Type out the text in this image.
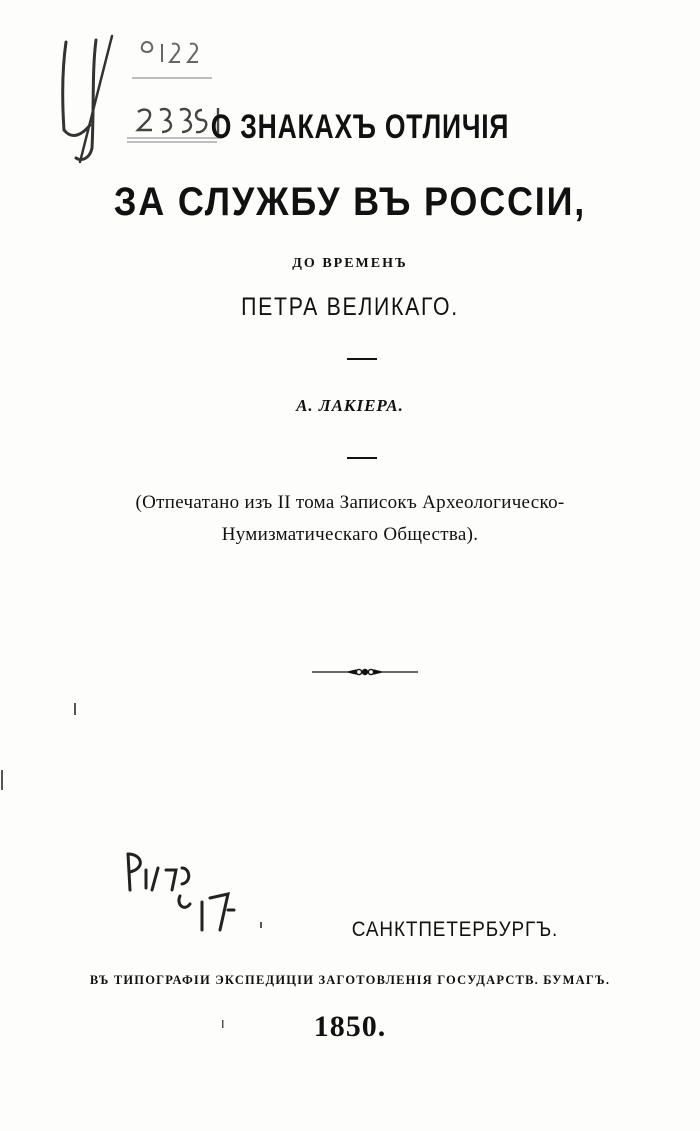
О ЗНАКАХЪ ОТЛИЧІЯ
ЗА СЛУЖБУ ВЪ РОССІИ,
ДО ВРЕМЕНЪ
ПЕТРА ВЕЛИКАГО.
А. ЛАКІЕРА.
(Отпечатано изъ II тома Записокъ Археологическо-
Нумизматическаго Общества).
САНКТПЕТЕРБУРГЪ.
ВЪ ТИПОГРАФІИ ЭКСПЕДИЦІИ ЗАГОТОВЛЕНІЯ ГОСУДАРСТВ. БУМАГЪ.
1850.
